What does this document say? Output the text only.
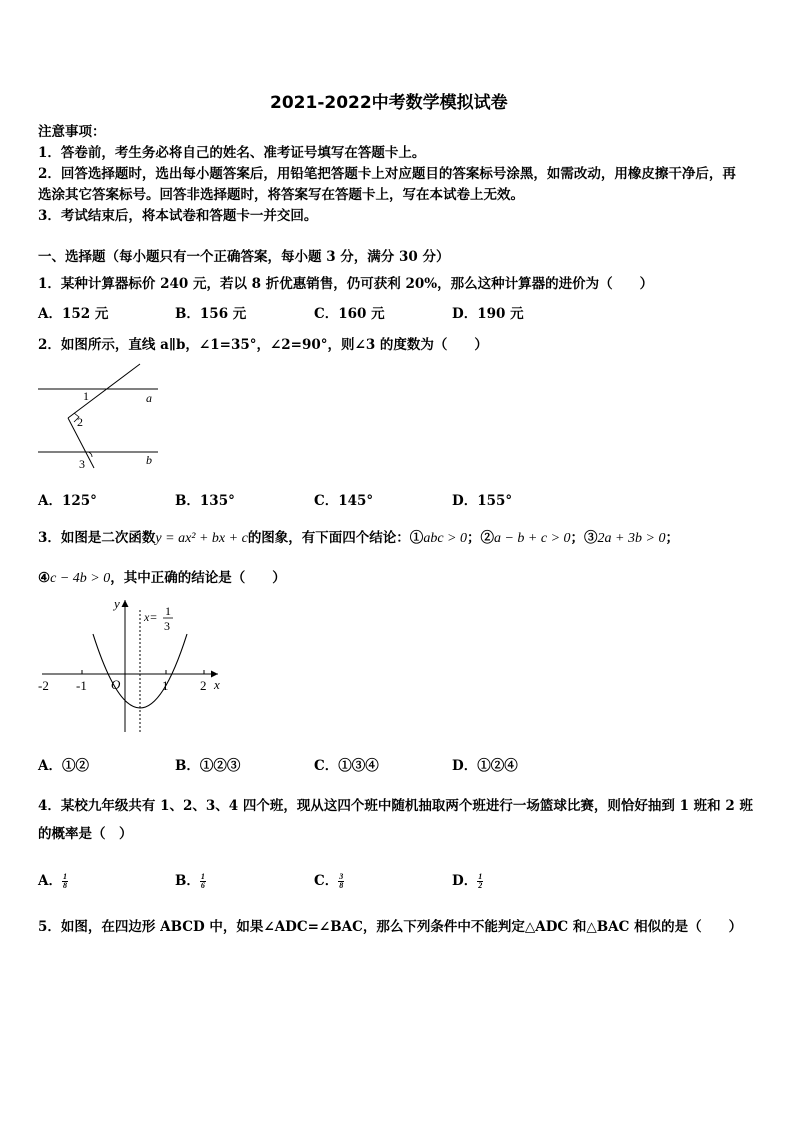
2021-2022中考数学模拟试卷
注意事项：
1．答卷前，考生务必将自己的姓名、准考证号填写在答题卡上。
2．回答选择题时，选出每小题答案后，用铅笔把答题卡上对应题目的答案标号涂黑，如需改动，用橡皮擦干净后，再
选涂其它答案标号。回答非选择题时，将答案写在答题卡上，写在本试卷上无效。
3．考试结束后，将本试卷和答题卡一并交回。
一、选择题（每小题只有一个正确答案，每小题 3 分，满分 30 分）
1．某种计算器标价 240 元，若以 8 折优惠销售，仍可获利 20%，那么这种计算器的进价为（　　）
A．152 元	B．156 元	C．160 元	D．190 元
2．如图所示，直线 a∥b，∠1=35°，∠2=90°，则∠3 的度数为（　　）
1
2
3
a
b
A．125°	B．135°	C．145°	D．155°
3．如图是二次函数y = ax² + bx + c的图象，有下面四个结论：①abc > 0；②a − b + c > 0；③2a + 3b > 0；
④c − 4b > 0，其中正确的结论是（　　）
y
x
O
x= 1
3
-2 -1	1 2
A．①②	B．①②③	C．①③④	D．①②④
4．某校九年级共有 1、2、3、4 四个班，现从这四个班中随机抽取两个班进行一场篮球比赛，则恰好抽到 1 班和 2 班
的概率是（　）
A． $\frac{1}{8}$	B． $\frac{1}{6}$	C． $\frac{3}{8}$	D． $\frac{1}{2}$
5．如图，在四边形 ABCD 中，如果∠ADC=∠BAC，那么下列条件中不能判定△ADC 和△BAC 相似的是（　　）
